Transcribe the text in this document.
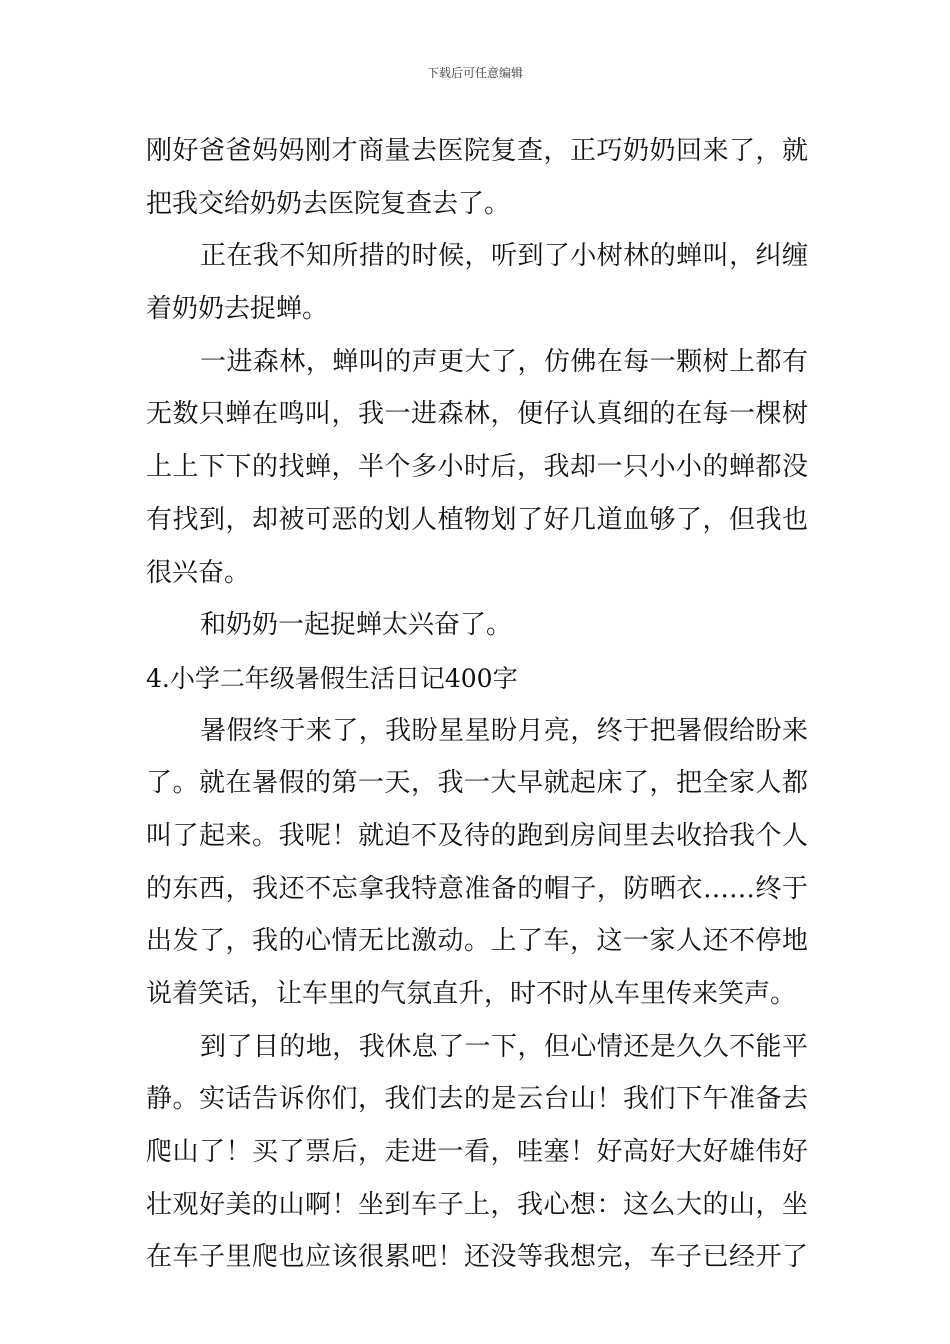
下载后可任意编辑
刚好爸爸妈妈刚才商量去医院复查，正巧奶奶回来了，就
把我交给奶奶去医院复查去了。
正在我不知所措的时候，听到了小树林的蝉叫，纠缠
着奶奶去捉蝉。
一进森林，蝉叫的声更大了，仿佛在每一颗树上都有
无数只蝉在鸣叫，我一进森林，便仔认真细的在每一棵树
上上下下的找蝉，半个多小时后，我却一只小小的蝉都没
有找到，却被可恶的划人植物划了好几道血够了，但我也
很兴奋。
和奶奶一起捉蝉太兴奋了。
4.小学二年级暑假生活日记400字
暑假终于来了，我盼星星盼月亮，终于把暑假给盼来
了。就在暑假的第一天，我一大早就起床了，把全家人都
叫了起来。我呢！就迫不及待的跑到房间里去收拾我个人
的东西，我还不忘拿我特意准备的帽子，防晒衣……终于
出发了，我的心情无比激动。上了车，这一家人还不停地
说着笑话，让车里的气氛直升，时不时从车里传来笑声。
到了目的地，我休息了一下，但心情还是久久不能平
静。实话告诉你们，我们去的是云台山！我们下午准备去
爬山了！买了票后，走进一看，哇塞！好高好大好雄伟好
壮观好美的山啊！坐到车子上，我心想：这么大的山，坐
在车子里爬也应该很累吧！还没等我想完，车子已经开了
